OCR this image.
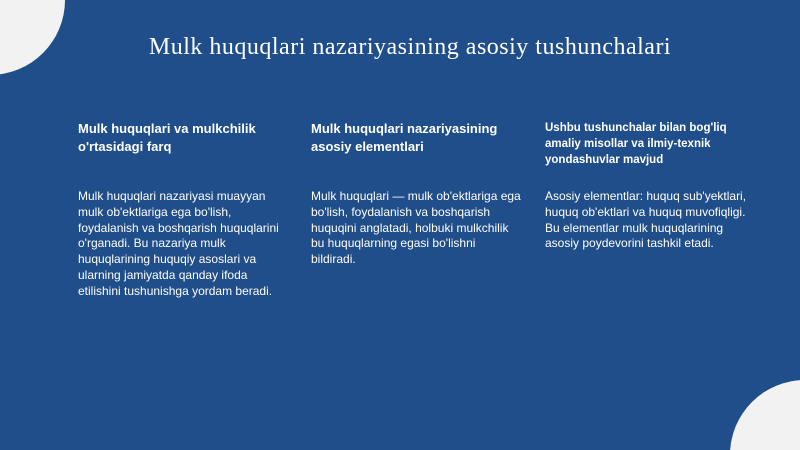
Mulk huquqlari nazariyasining asosiy tushunchalari
Mulk huquqlari va mulkchilik o'rtasidagi farq

Mulk huquqlari nazariyasi muayyan mulk ob'ektlariga ega bo'lish, foydalanish va boshqarish huquqlarini o'rganadi. Bu nazariya mulk huquqlarining huquqiy asoslari va ularning jamiyatda qanday ifoda etilishini tushunishga yordam beradi.

Mulk huquqlari nazariyasining asosiy elementlari

Mulk huquqlari — mulk ob'ektlariga ega bo'lish, foydalanish va boshqarish huquqini anglatadi, holbuki mulkchilik bu huquqlarning egasi bo'lishni bildiradi.

Ushbu tushunchalar bilan bog'liq amaliy misollar va ilmiy-texnik yondashuvlar mavjud

Asosiy elementlar: huquq sub'yektlari, huquq ob'ektlari va huquq muvofiqligi. Bu elementlar mulk huquqlarining asosiy poydevorini tashkil etadi.
